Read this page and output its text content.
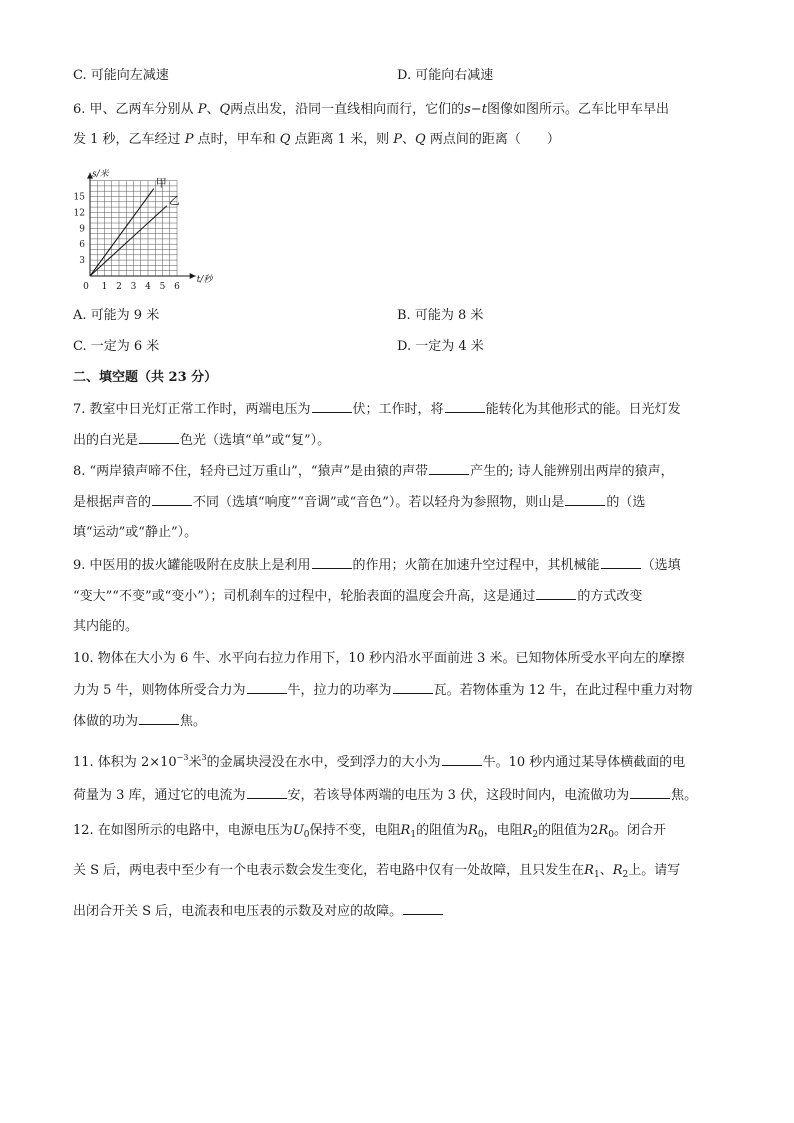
C. 可能向左减速	D. 可能向右减速
6. 甲、乙两车分别从 P、Q两点出发，沿同一直线相向而行，它们的s−t图像如图所示。乙车比甲车早出
发 1 秒，乙车经过 P 点时，甲车和 Q 点距离 1 米，则 P、Q 两点间的距离（　　）
0 1 2 3 4 5 6
3
6
9
12
15
甲
乙
s/米
t/秒
A. 可能为 9 米	B. 可能为 8 米
C. 一定为 6 米	D. 一定为 4 米
二、填空题（共 23 分）
7. 教室中日光灯正常工作时，两端电压为	伏；工作时，将	能转化为其他形式的能。日光灯发
出的白光是	色光（选填“单”或“复”）。
8. “两岸猿声啼不住，轻舟已过万重山”，“猿声”是由猿的声带	产生的; 诗人能辨别出两岸的猿声，
是根据声音的	不同（选填“响度”“音调”或“音色”）。若以轻舟为参照物，则山是	的（选
填“运动”或“静止”）。
9. 中医用的拔火罐能吸附在皮肤上是利用	的作用；火箭在加速升空过程中，其机械能	（选填
“变大”“不变”或“变小”）；司机刹车的过程中，轮胎表面的温度会升高，这是通过	的方式改变
其内能的。
10. 物体在大小为 6 牛、水平向右拉力作用下，10 秒内沿水平面前进 3 米。已知物体所受水平向左的摩擦
力为 5 牛，则物体所受合力为	牛，拉力的功率为	瓦。若物体重为 12 牛，在此过程中重力对物
体做的功为	焦。
11. 体积为 $2\times 10^{-3}$米$^3$的金属块浸没在水中，受到浮力的大小为	牛。10 秒内通过某导体横截面的电
荷量为 3 库，通过它的电流为	安，若该导体两端的电压为 3 伏，这段时间内，电流做功为	焦。
12. 在如图所示的电路中，电源电压为$U_0$保持不变，电阻$R_1$的阻值为$R_0$，电阻$R_2$的阻值为$2R_0$。闭合开
关 S 后，两电表中至少有一个电表示数会发生变化，若电路中仅有一处故障，且只发生在$R_1$、$R_2$上。请写
出闭合开关 S 后，电流表和电压表的示数及对应的故障。
